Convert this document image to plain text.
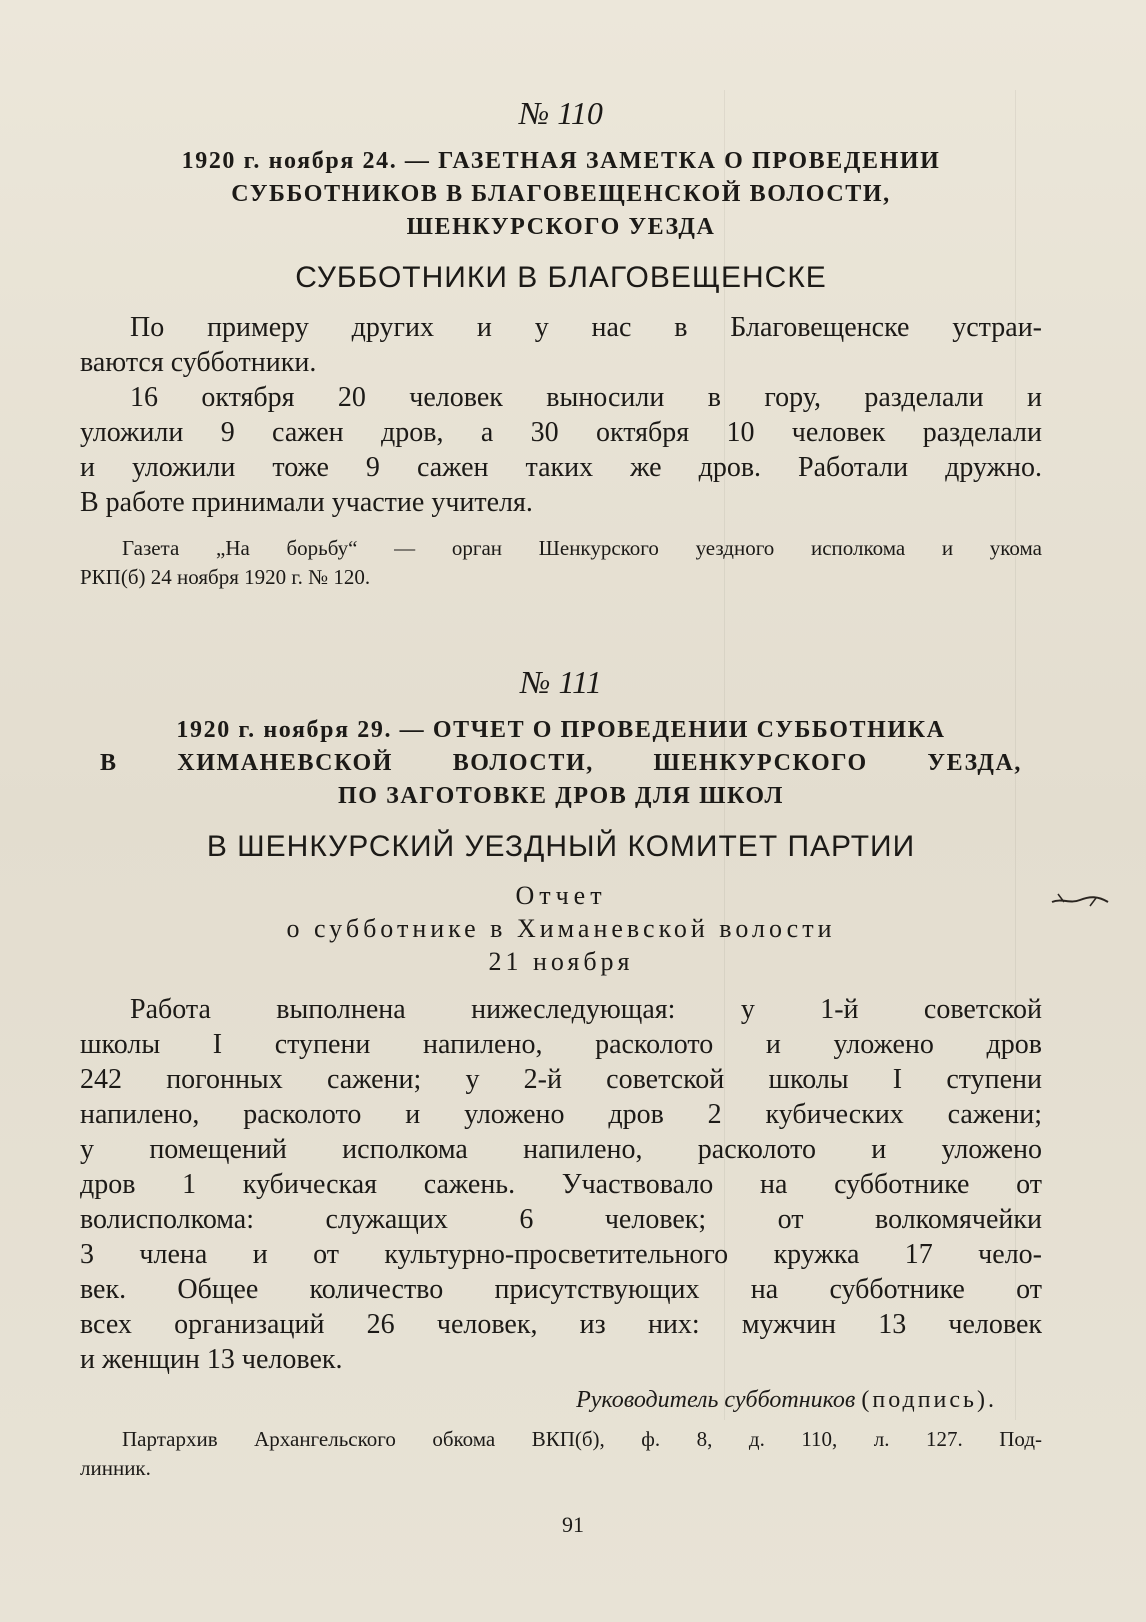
№ 110
1920 г. ноября 24. — ГАЗЕТНАЯ ЗАМЕТКА О ПРОВЕДЕНИИ
СУББОТНИКОВ В БЛАГОВЕЩЕНСКОЙ ВОЛОСТИ,
ШЕНКУРСКОГО УЕЗДА
СУББОТНИКИ В БЛАГОВЕЩЕНСКЕ
По примеру других и у нас в Благовещенске устраи-
ваются субботники.
16 октября 20 человек выносили в гору, разделали и
уложили 9 сажен дров, а 30 октября 10 человек разделали
и уложили тоже 9 сажен таких же дров. Работали дружно.
В работе принимали участие учителя.
Газета „На борьбу“ — орган Шенкурского уездного исполкома и укома
РКП(б) 24 ноября 1920 г. № 120.
№ 111
1920 г. ноября 29. — ОТЧЕТ О ПРОВЕДЕНИИ СУББОТНИКА
В ХИМАНЕВСКОЙ ВОЛОСТИ, ШЕНКУРСКОГО УЕЗДА,
ПО ЗАГОТОВКЕ ДРОВ ДЛЯ ШКОЛ
В ШЕНКУРСКИЙ УЕЗДНЫЙ КОМИТЕТ ПАРТИИ
Отчет
о субботнике в Химаневской волости
21 ноября
Работа выполнена нижеследующая: у 1-й советской
школы I ступени напилено, расколото и уложено дров
242 погонных сажени; у 2-й советской школы I ступени
напилено, расколото и уложено дров 2 кубических сажени;
у помещений исполкома напилено, расколото и уложено
дров 1 кубическая сажень. Участвовало на субботнике от
волисполкома: служащих 6 человек; от волкомячейки
3 члена и от культурно-просветительного кружка 17 чело-
век. Общее количество присутствующих на субботнике от
всех организаций 26 человек, из них: мужчин 13 человек
и женщин 13 человек.
Руководитель субботников (подпись).
Партархив Архангельского обкома ВКП(б), ф. 8, д. 110, л. 127. Под-
линник.
91
